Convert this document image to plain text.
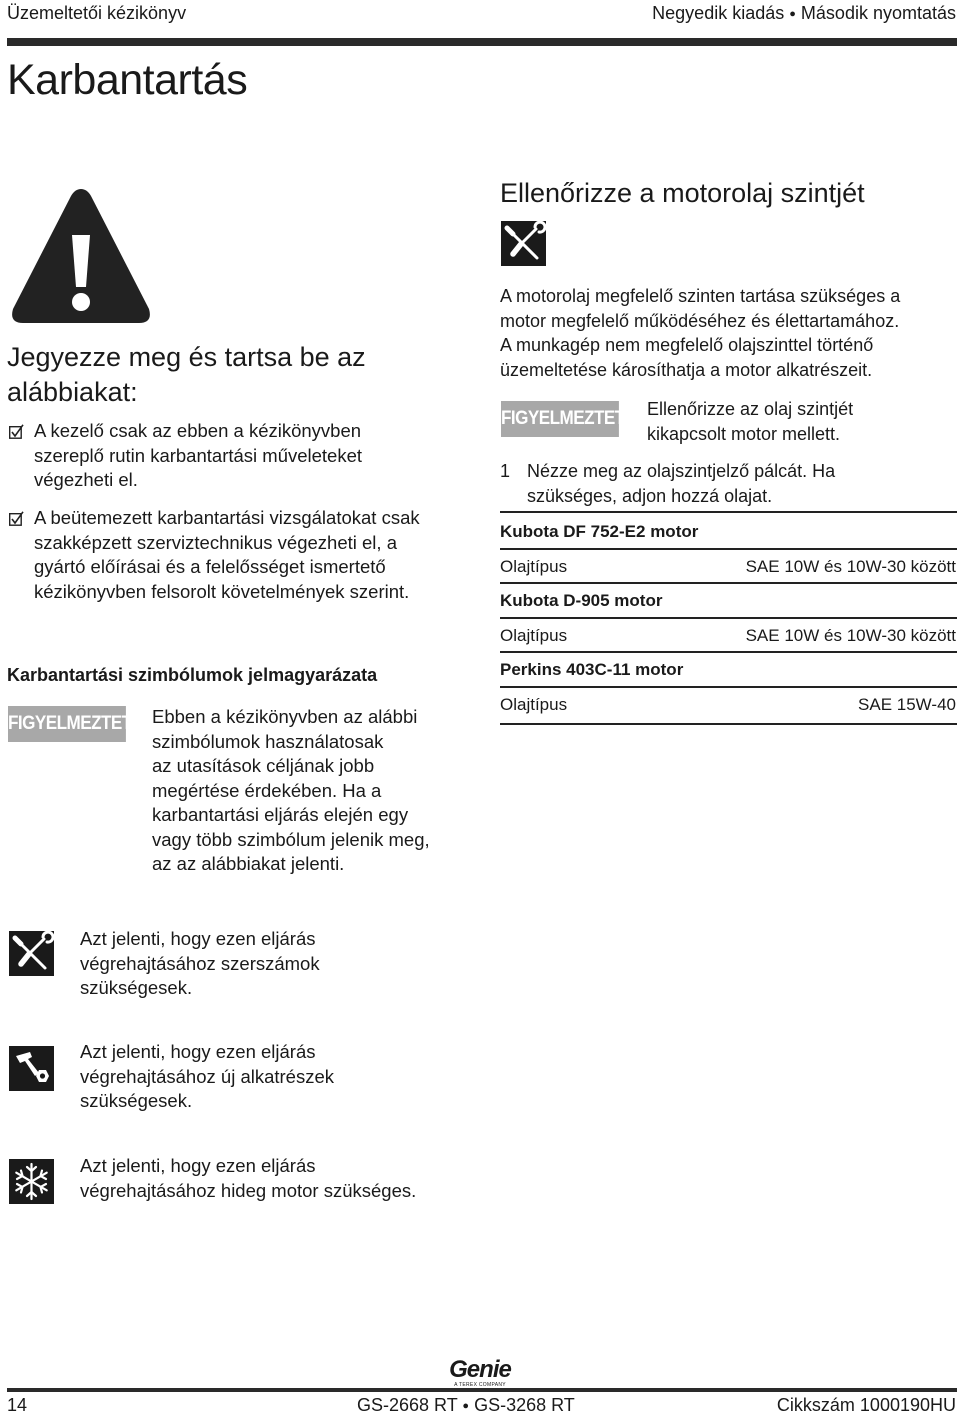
Üzemeltetői kézikönyv	Negyedik kiadás ● Második nyomtatás
Karbantartás
Jegyezze meg és tartsa be az
alábbiakat:
A kezelő csak az ebben a kézikönyvben
szereplő rutin karbantartási műveleteket
végezheti el.
A beütemezett karbantartási vizsgálatokat csak
szakképzett szerviztechnikus végezheti el, a
gyártó előírásai és a felelősséget ismertető
kézikönyvben felsorolt követelmények szerint.
Karbantartási szimbólumok jelmagyarázata
FIGYELMEZTETÉS
Ebben a kézikönyvben az alábbi
szimbólumok használatosak
az utasítások céljának jobb
megértése érdekében. Ha a
karbantartási eljárás elején egy
vagy több szimbólum jelenik meg,
az az alábbiakat jelenti.
Azt jelenti, hogy ezen eljárás
végrehajtásához szerszámok
szükségesek.
Azt jelenti, hogy ezen eljárás
végrehajtásához új alkatrészek
szükségesek.
Azt jelenti, hogy ezen eljárás
végrehajtásához hideg motor szükséges.
Ellenőrizze a motorolaj szintjét
A motorolaj megfelelő szinten tartása szükséges a
motor megfelelő működéséhez és élettartamához.
A munkagép nem megfelelő olajszinttel történő
üzemeltetése károsíthatja a motor alkatrészeit.
FIGYELMEZTETÉS Ellenőrizze az olaj szintjét
kikapcsolt motor mellett.
1 Nézze meg az olajszintjelző pálcát. Ha
szükséges, adjon hozzá olajat.
Kubota DF 752-E2 motor
Olajtípus	SAE 10W és 10W-30 között
Kubota D-905 motor
Olajtípus	SAE 10W és 10W-30 között
Perkins 403C-11 motor
Olajtípus	SAE 15W-40
Genie
A TEREX COMPANY
14	GS-2668 RT ● GS-3268 RT	Cikkszám 1000190HU
